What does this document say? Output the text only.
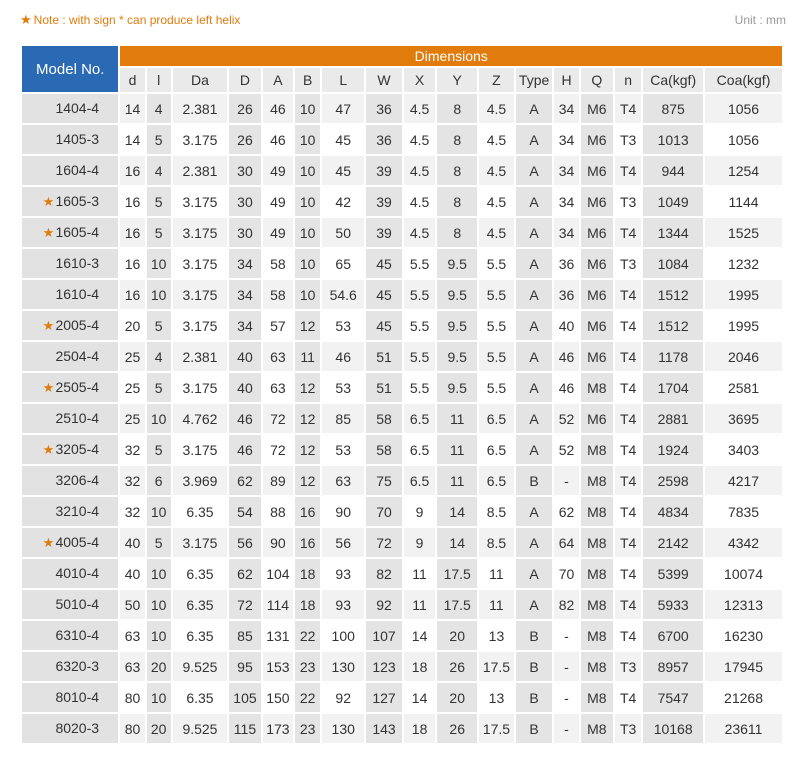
★ Note : with sign * can produce left helix	Unit : mm
Model No.	Dimensions																
	d	l	Da	D	A	B	L	W	X	Y	Z	Type	H	Q	n	Ca(kgf)	Coa(kgf)
1404-4	14	4	2.381	26	46	10	47	36	4.5	8	4.5	A	34	M6	T4	875	1056
1405-3	14	5	3.175	26	46	10	45	36	4.5	8	4.5	A	34	M6	T3	1013	1056
1604-4	16	4	2.381	30	49	10	45	39	4.5	8	4.5	A	34	M6	T4	944	1254
★1605-3	16	5	3.175	30	49	10	42	39	4.5	8	4.5	A	34	M6	T3	1049	1144
★1605-4	16	5	3.175	30	49	10	50	39	4.5	8	4.5	A	34	M6	T4	1344	1525
1610-3	16	10	3.175	34	58	10	65	45	5.5	9.5	5.5	A	36	M6	T3	1084	1232
1610-4	16	10	3.175	34	58	10	54.6	45	5.5	9.5	5.5	A	36	M6	T4	1512	1995
★2005-4	20	5	3.175	34	57	12	53	45	5.5	9.5	5.5	A	40	M6	T4	1512	1995
2504-4	25	4	2.381	40	63	11	46	51	5.5	9.5	5.5	A	46	M6	T4	1178	2046
★2505-4	25	5	3.175	40	63	12	53	51	5.5	9.5	5.5	A	46	M8	T4	1704	2581
2510-4	25	10	4.762	46	72	12	85	58	6.5	11	6.5	A	52	M6	T4	2881	3695
★3205-4	32	5	3.175	46	72	12	53	58	6.5	11	6.5	A	52	M8	T4	1924	3403
3206-4	32	6	3.969	62	89	12	63	75	6.5	11	6.5	B	-	M8	T4	2598	4217
3210-4	32	10	6.35	54	88	16	90	70	9	14	8.5	A	62	M8	T4	4834	7835
★4005-4	40	5	3.175	56	90	16	56	72	9	14	8.5	A	64	M8	T4	2142	4342
4010-4	40	10	6.35	62	104	18	93	82	11	17.5	11	A	70	M8	T4	5399	10074
5010-4	50	10	6.35	72	114	18	93	92	11	17.5	11	A	82	M8	T4	5933	12313
6310-4	63	10	6.35	85	131	22	100	107	14	20	13	B	-	M8	T4	6700	16230
6320-3	63	20	9.525	95	153	23	130	123	18	26	17.5	B	-	M8	T3	8957	17945
8010-4	80	10	6.35	105	150	22	92	127	14	20	13	B	-	M8	T4	7547	21268
8020-3	80	20	9.525	115	173	23	130	143	18	26	17.5	B	-	M8	T3	10168	23611
